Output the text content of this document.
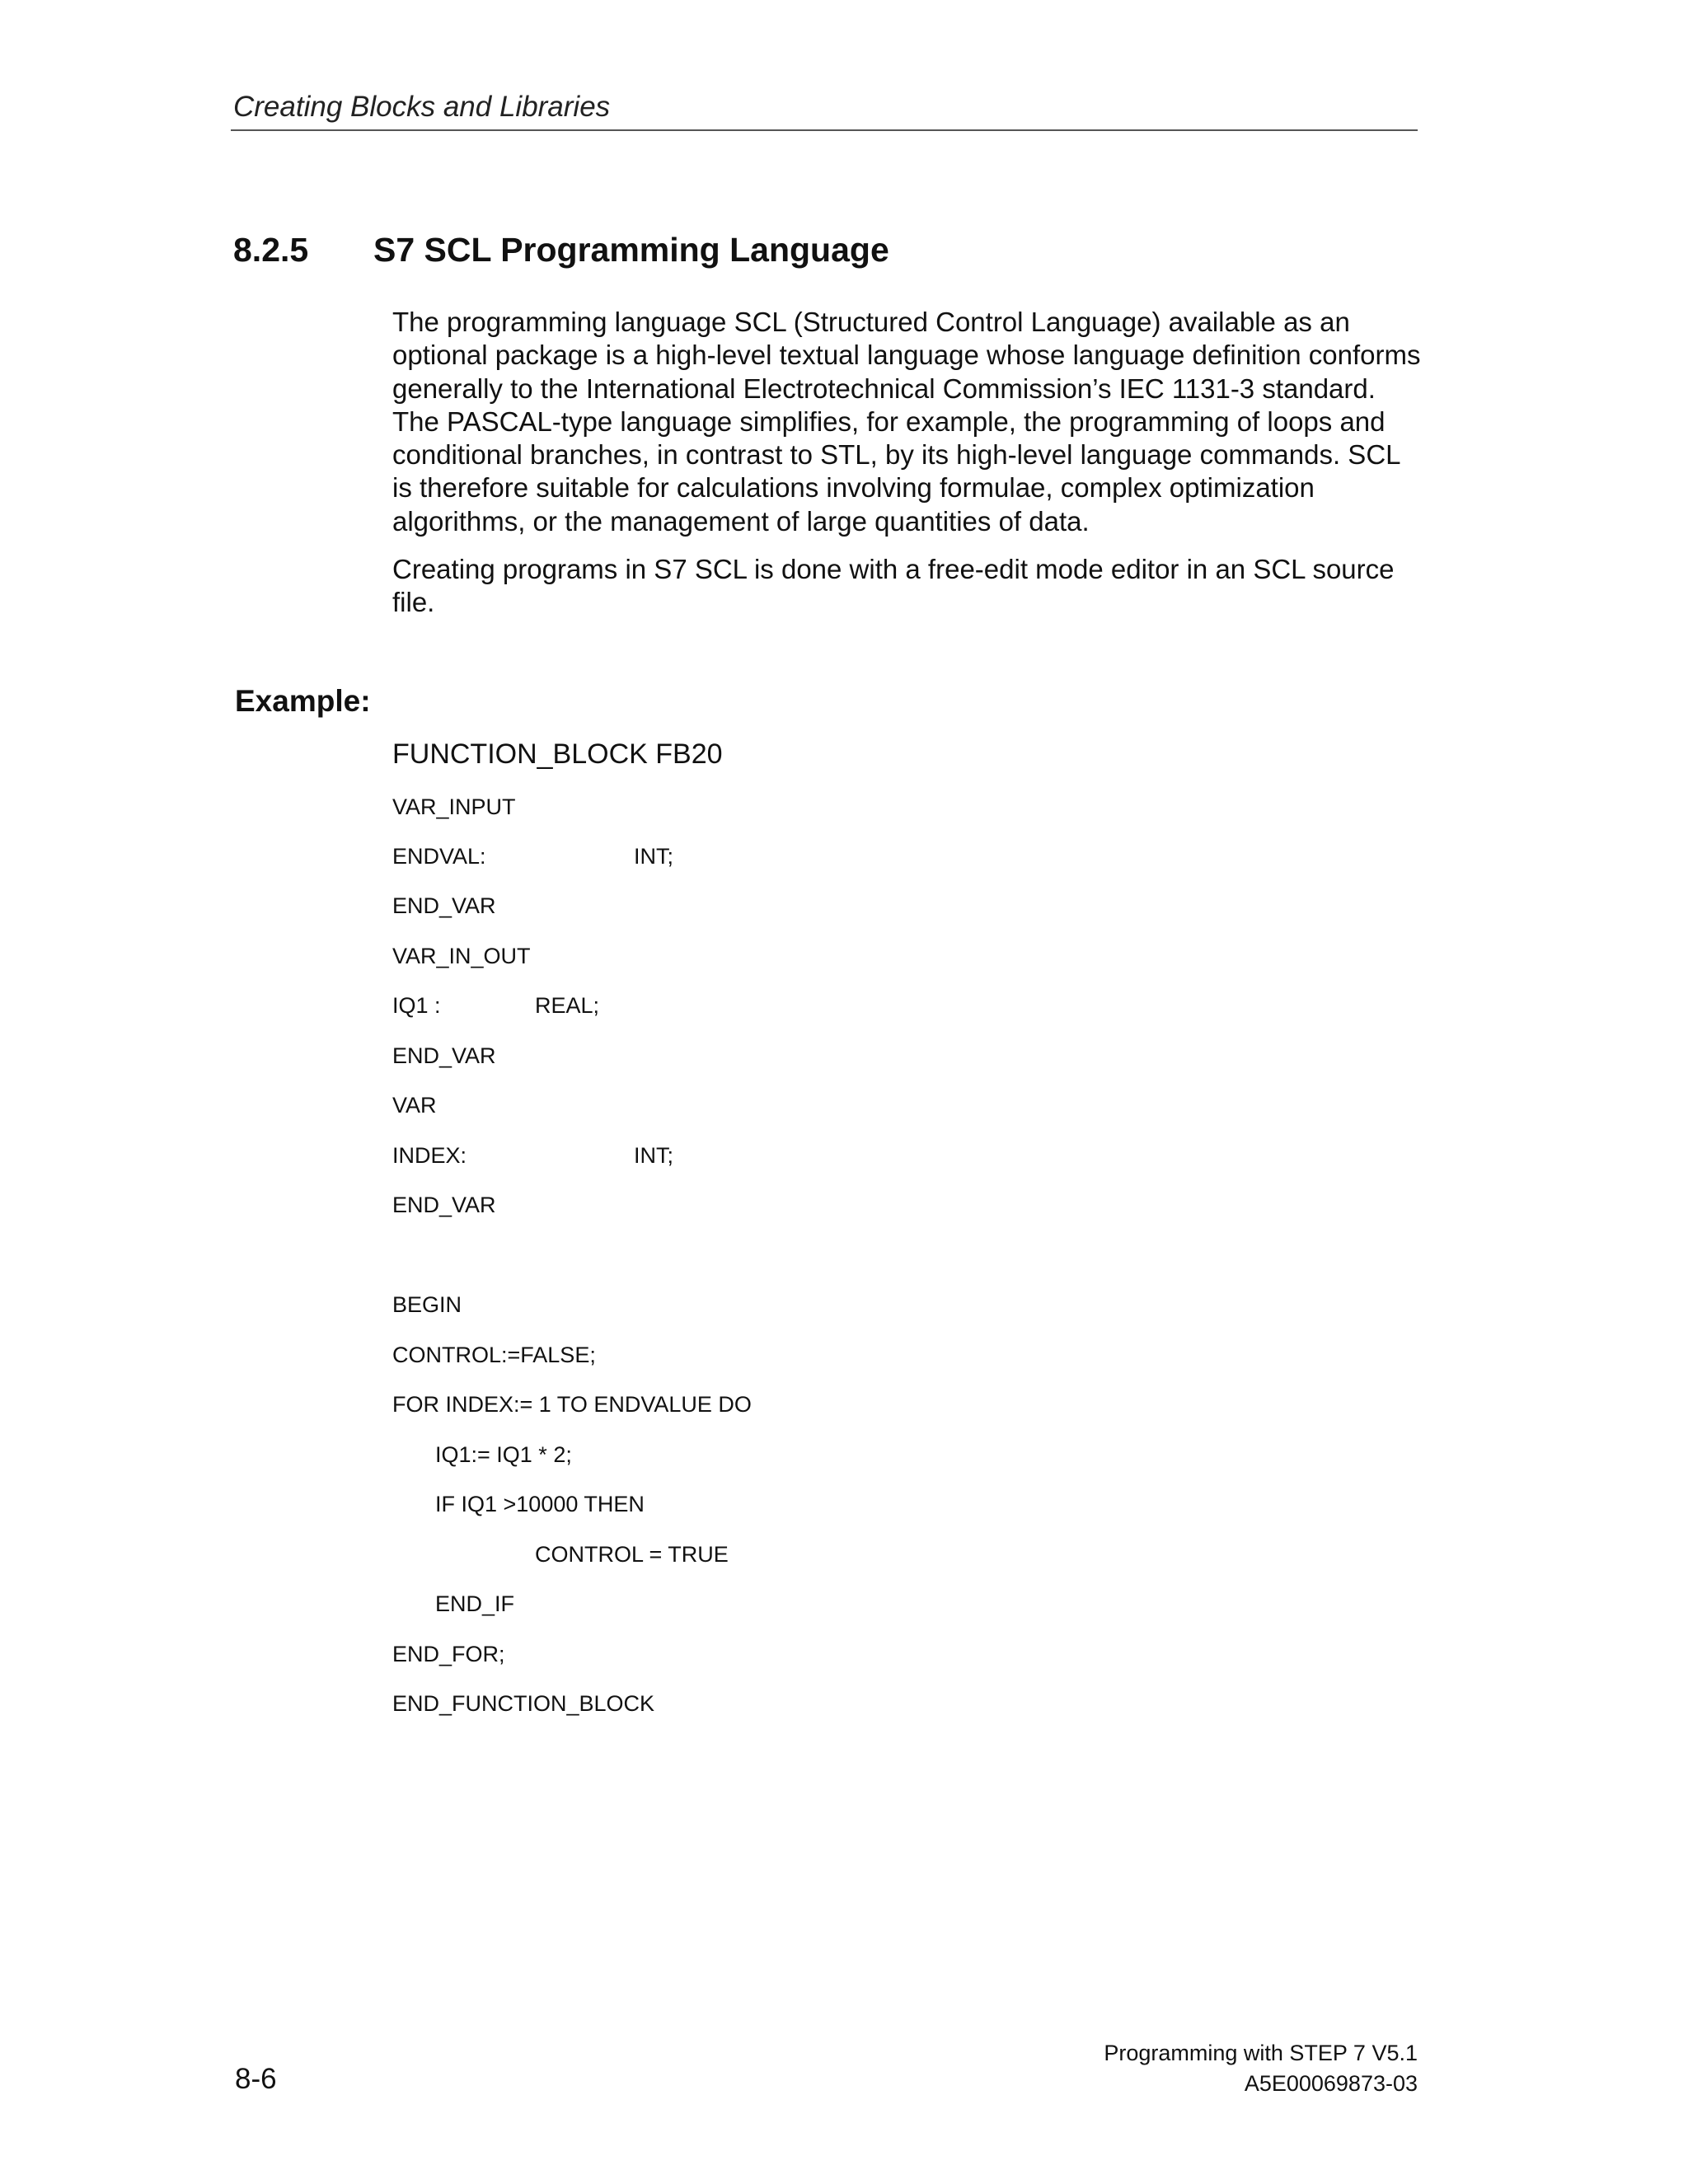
Creating Blocks and Libraries
8.2.5 S7 SCL Programming Language
The programming language SCL (Structured Control Language) available as an optional package is a high-level textual language whose language definition conforms generally to the International Electrotechnical Commission’s IEC 1131-3 standard. The PASCAL-type language simplifies, for example, the programming of loops and conditional branches, in contrast to STL, by its high-level language commands. SCL is therefore suitable for calculations involving formulae, complex optimization algorithms, or the management of large quantities of data.
Creating programs in S7 SCL is done with a free-edit mode editor in an SCL source file.
Example:
FUNCTION_BLOCK FB20
VAR_INPUT
ENDVAL:	INT;
END_VAR
VAR_IN_OUT
IQ1 :	REAL;
END_VAR
VAR
INDEX:	INT;
END_VAR
BEGIN
CONTROL:=FALSE;
FOR INDEX:= 1 TO ENDVALUE DO
IQ1:= IQ1 * 2;
IF IQ1 >10000 THEN
CONTROL = TRUE
END_IF
END_FOR;
END_FUNCTION_BLOCK
8-6
Programming with STEP 7 V5.1
A5E00069873-03
